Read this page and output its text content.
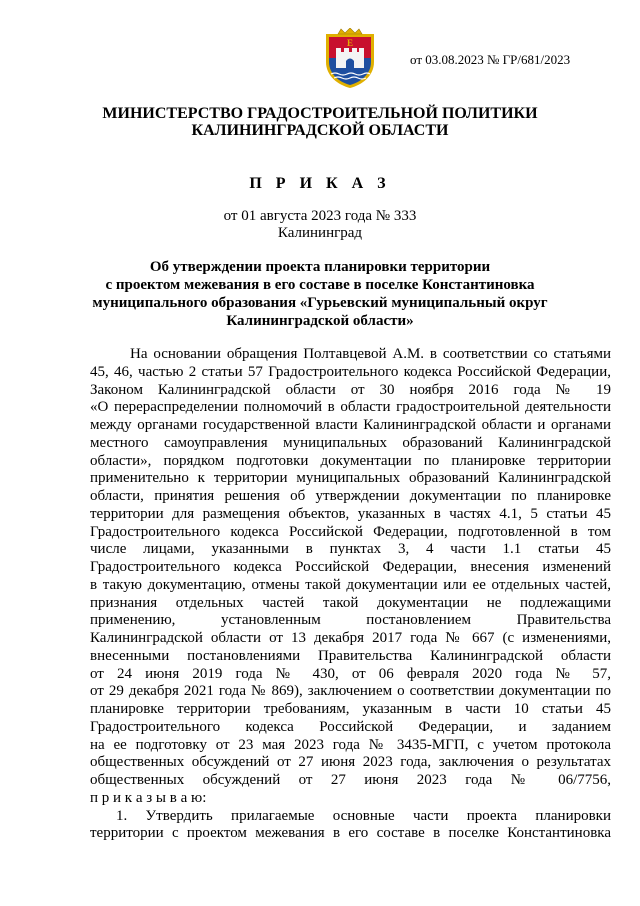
E
от 03.08.2023 № ГР/681/2023
МИНИСТЕРСТВО ГРАДОСТРОИТЕЛЬНОЙ ПОЛИТИКИ
КАЛИНИНГРАДСКОЙ ОБЛАСТИ
П Р И К А З
от 01 августа 2023 года № 333
Калининград
Об утверждении проекта планировки территории
с проектом межевания в его составе в поселке Константиновка
муниципального образования «Гурьевский муниципальный округ
Калининградской области»
На основании обращения Полтавцевой А.М. в соответствии со статьями
45, 46, частью 2 статьи 57 Градостроительного кодекса Российской Федерации,
Законом Калининградской области от 30 ноября 2016 года № 19
«О перераспределении полномочий в области градостроительной деятельности
между органами государственной власти Калининградской области и органами
местного самоуправления муниципальных образований Калининградской
области», порядком подготовки документации по планировке территории
применительно к территории муниципальных образований Калининградской
области, принятия решения об утверждении документации по планировке
территории для размещения объектов, указанных в частях 4.1, 5 статьи 45
Градостроительного кодекса Российской Федерации, подготовленной в том
числе лицами, указанными в пунктах 3, 4 части 1.1 статьи 45
Градостроительного кодекса Российской Федерации, внесения изменений
в такую документацию, отмены такой документации или ее отдельных частей,
признания отдельных частей такой документации не подлежащими
применению, установленным постановлением Правительства
Калининградской области от 13 декабря 2017 года № 667 (с изменениями,
внесенными постановлениями Правительства Калининградской области
от 24 июня 2019 года № 430, от 06 февраля 2020 года № 57,
от 29 декабря 2021 года № 869), заключением о соответствии документации по
планировке территории требованиям, указанным в части 10 статьи 45
Градостроительного кодекса Российской Федерации, и заданием
на ее подготовку от 23 мая 2023 года № 3435-МГП, с учетом протокола
общественных обсуждений от 27 июня 2023 года, заключения о результатах
общественных обсуждений от 27 июня 2023 года № 06/7756,
п р и к а з ы в а ю:
1. Утвердить прилагаемые основные части проекта планировки
территории с проектом межевания в его составе в поселке Константиновка
